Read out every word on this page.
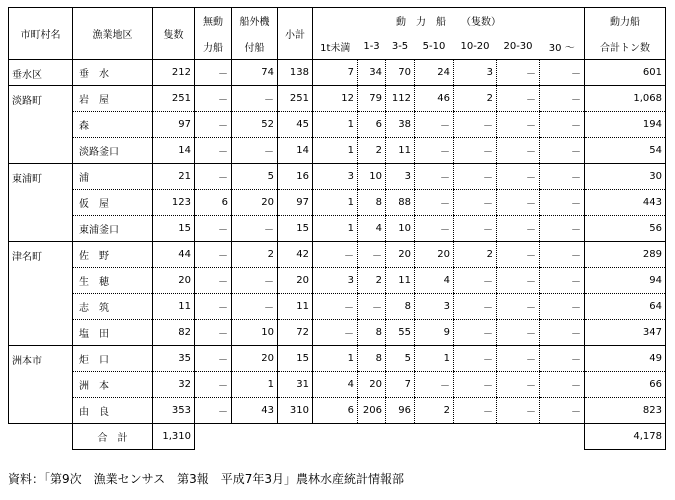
市町村名	漁業地区	隻数	無動	船外機	小計	動　力　船　　（隻数）							動力船
			力船	付船		1t未満	1-3	3-5	5-10	10-20	20-30	30 ～	合計トン数
垂水区	垂　水	212	－	74	138	7	34	70	24	3	－	－	601
淡路町	岩　屋	251	－	－	251	12	79	112	46	2	－	－	1,068
	森	97	－	52	45	1	6	38	－	－	－	－	194
	淡路釜口	14	－	－	14	1	2	11	－	－	－	－	54
東浦町	浦	21	－	5	16	3	10	3	－	－	－	－	30
	仮　屋	123	6	20	97	1	8	88	－	－	－	－	443
	東浦釜口	15	－	－	15	1	4	10	－	－	－	－	56
津名町	佐　野	44	－	2	42	－	－	20	20	2	－	－	289
	生　穂	20	－	－	20	3	2	11	4	－	－	－	94
	志　筑	11	－	－	11	－	－	8	3	－	－	－	64
	塩　田	82	－	10	72	－	8	55	9	－	－	－	347
洲本市	炬　口	35	－	20	15	1	8	5	1	－	－	－	49
	洲　本	32	－	1	31	4	20	7	－	－	－	－	66
	由　良	353	－	43	310	6	206	96	2	－	－	－	823
	合　計	1,310											4,178
資料：「第9次　漁業センサス　第3報　平成7年3月」農林水産統計情報部
